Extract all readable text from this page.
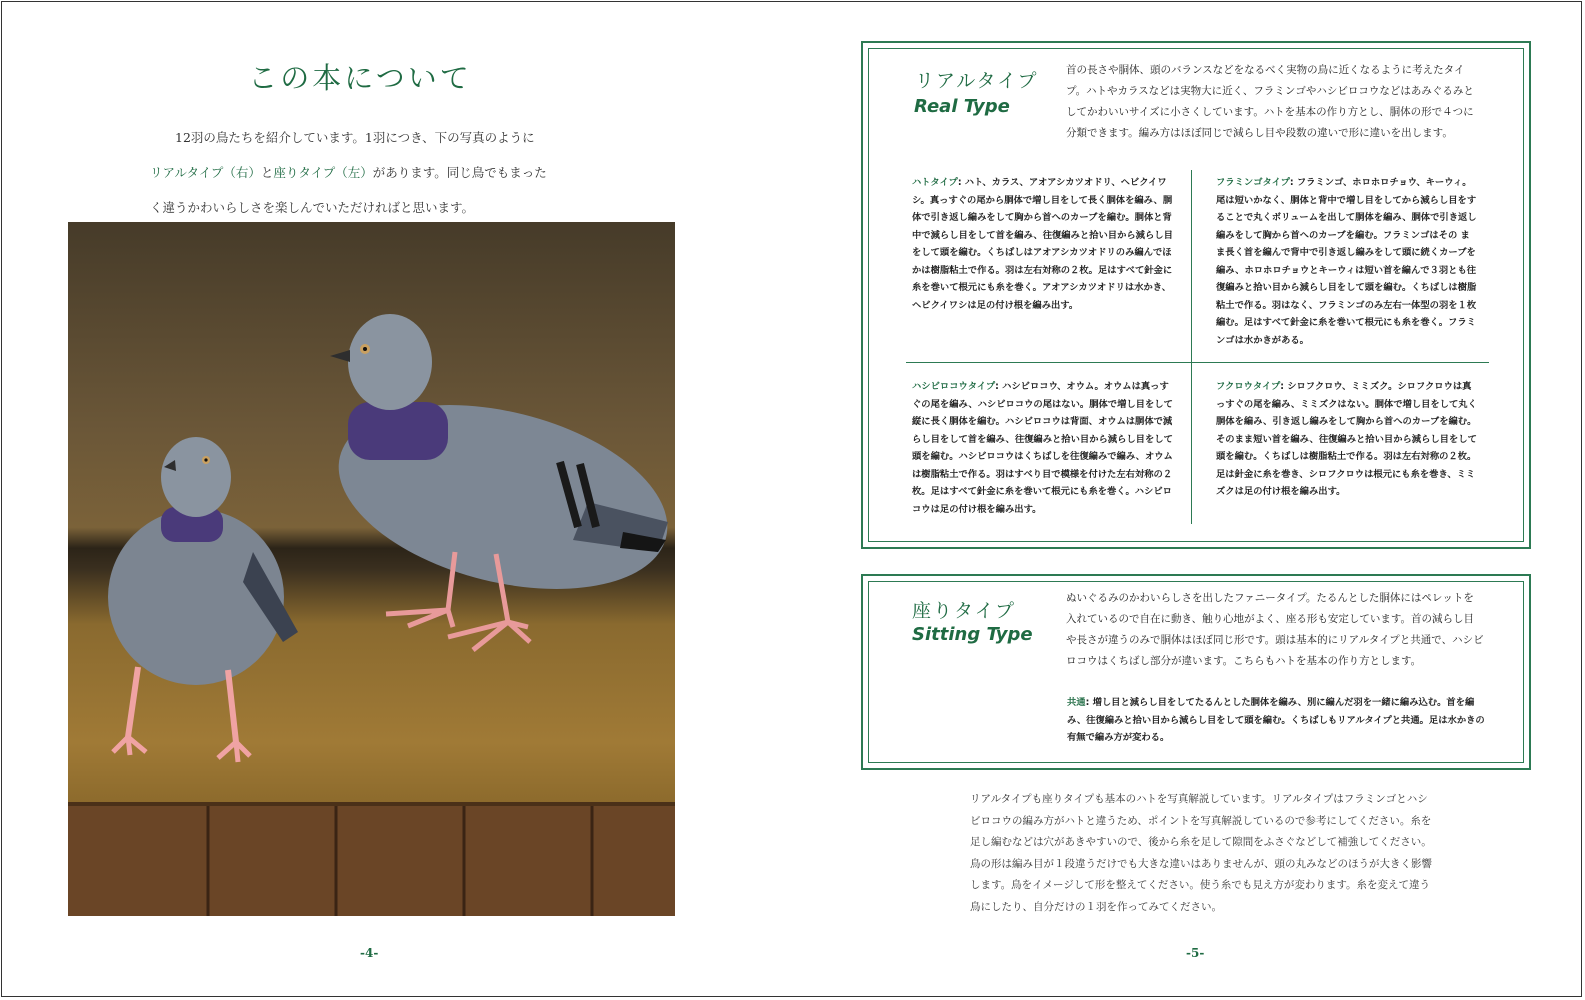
この本について

12羽の鳥たちを紹介しています。1羽につき、下の写真のように

リアルタイプ（右）と座りタイプ（左）があります。同じ鳥でもまった

く違うかわいらしさを楽しんでいただければと思います。

-4-
リアルタイプ
Real Type
首の長さや胴体、頭のバランスなどをなるべく実物の鳥に近くなるように考えたタイプ。ハトやカラスなどは実物大に近く、フラミンゴやハシビロコウなどはあみぐるみとしてかわいいサイズに小さくしています。ハトを基本の作り方とし、胴体の形で４つに分類できます。編み方はほぼ同じで減らし目や段数の違いで形に違いを出します。
ハトタイプ: ハト、カラス、アオアシカツオドリ、ヘビクイワシ。真っすぐの尾から胴体で増し目をして長く胴体を編み、胴体で引き返し編みをして胸から首へのカーブを編む。胴体と背中で減らし目をして首を編み、往復編みと拾い目から減らし目をして頭を編む。くちばしはアオアシカツオドリのみ編んでほかは樹脂粘土で作る。羽は左右対称の２枚。足はすべて針金に糸を巻いて根元にも糸を巻く。アオアシカツオドリは水かき、ヘビクイワシは足の付け根を編み出す。
フラミンゴタイプ: フラミンゴ、ホロホロチョウ、キーウィ。尾は短いかなく、胴体と背中で増し目をしてから減らし目をすることで丸くボリュームを出して胴体を編み、胴体で引き返し編みをして胸から首へのカーブを編む。フラミンゴはその まま長く首を編んで背中で引き返し編みをして頭に続くカーブを編み、ホロホロチョウとキーウィは短い首を編んで３羽とも往復編みと拾い目から減らし目をして頭を編む。くちばしは樹脂粘土で作る。羽はなく、フラミンゴのみ左右一体型の羽を１枚編む。足はすべて針金に糸を巻いて根元にも糸を巻く。フラミンゴは水かきがある。
ハシビロコウタイプ: ハシビロコウ、オウム。オウムは真っすぐの尾を編み、ハシビロコウの尾はない。胴体で増し目をして縦に長く胴体を編む。ハシビロコウは背面、オウムは胴体で減らし目をして首を編み、往復編みと拾い目から減らし目をして頭を編む。ハシビロコウはくちばしを往復編みで編み、オウムは樹脂粘土で作る。羽はすべり目で模様を付けた左右対称の２枚。足はすべて針金に糸を巻いて根元にも糸を巻く。ハシビロコウは足の付け根を編み出す。
フクロウタイプ: シロフクロウ、ミミズク。シロフクロウは真っすぐの尾を編み、ミミズクはない。胴体で増し目をして丸く胴体を編み、引き返し編みをして胸から首へのカーブを編む。そのまま短い首を編み、往復編みと拾い目から減らし目をして頭を編む。くちばしは樹脂粘土で作る。羽は左右対称の２枚。足は針金に糸を巻き、シロフクロウは根元にも糸を巻き、ミミズクは足の付け根を編み出す。
座りタイプ
Sitting Type
ぬいぐるみのかわいらしさを出したファニータイプ。たるんとした胴体にはペレットを入れているので自在に動き、触り心地がよく、座る形も安定しています。首の減らし目や長さが違うのみで胴体はほぼ同じ形です。頭は基本的にリアルタイプと共通で、ハシビロコウはくちばし部分が違います。こちらもハトを基本の作り方とします。
共通: 増し目と減らし目をしてたるんとした胴体を編み、別に編んだ羽を一緒に編み込む。首を編み、往復編みと拾い目から減らし目をして頭を編む。くちばしもリアルタイプと共通。足は水かきの有無で編み方が変わる。
リアルタイプも座りタイプも基本のハトを写真解説しています。リアルタイプはフラミンゴとハシビロコウの編み方がハトと違うため、ポイントを写真解説しているので参考にしてください。糸を足し編むなどは穴があきやすいので、後から糸を足して隙間をふさぐなどして補強してください。鳥の形は編み目が１段違うだけでも大きな違いはありませんが、頭の丸みなどのほうが大きく影響します。鳥をイメージして形を整えてください。使う糸でも見え方が変わります。糸を変えて違う鳥にしたり、自分だけの１羽を作ってみてください。
-5-
